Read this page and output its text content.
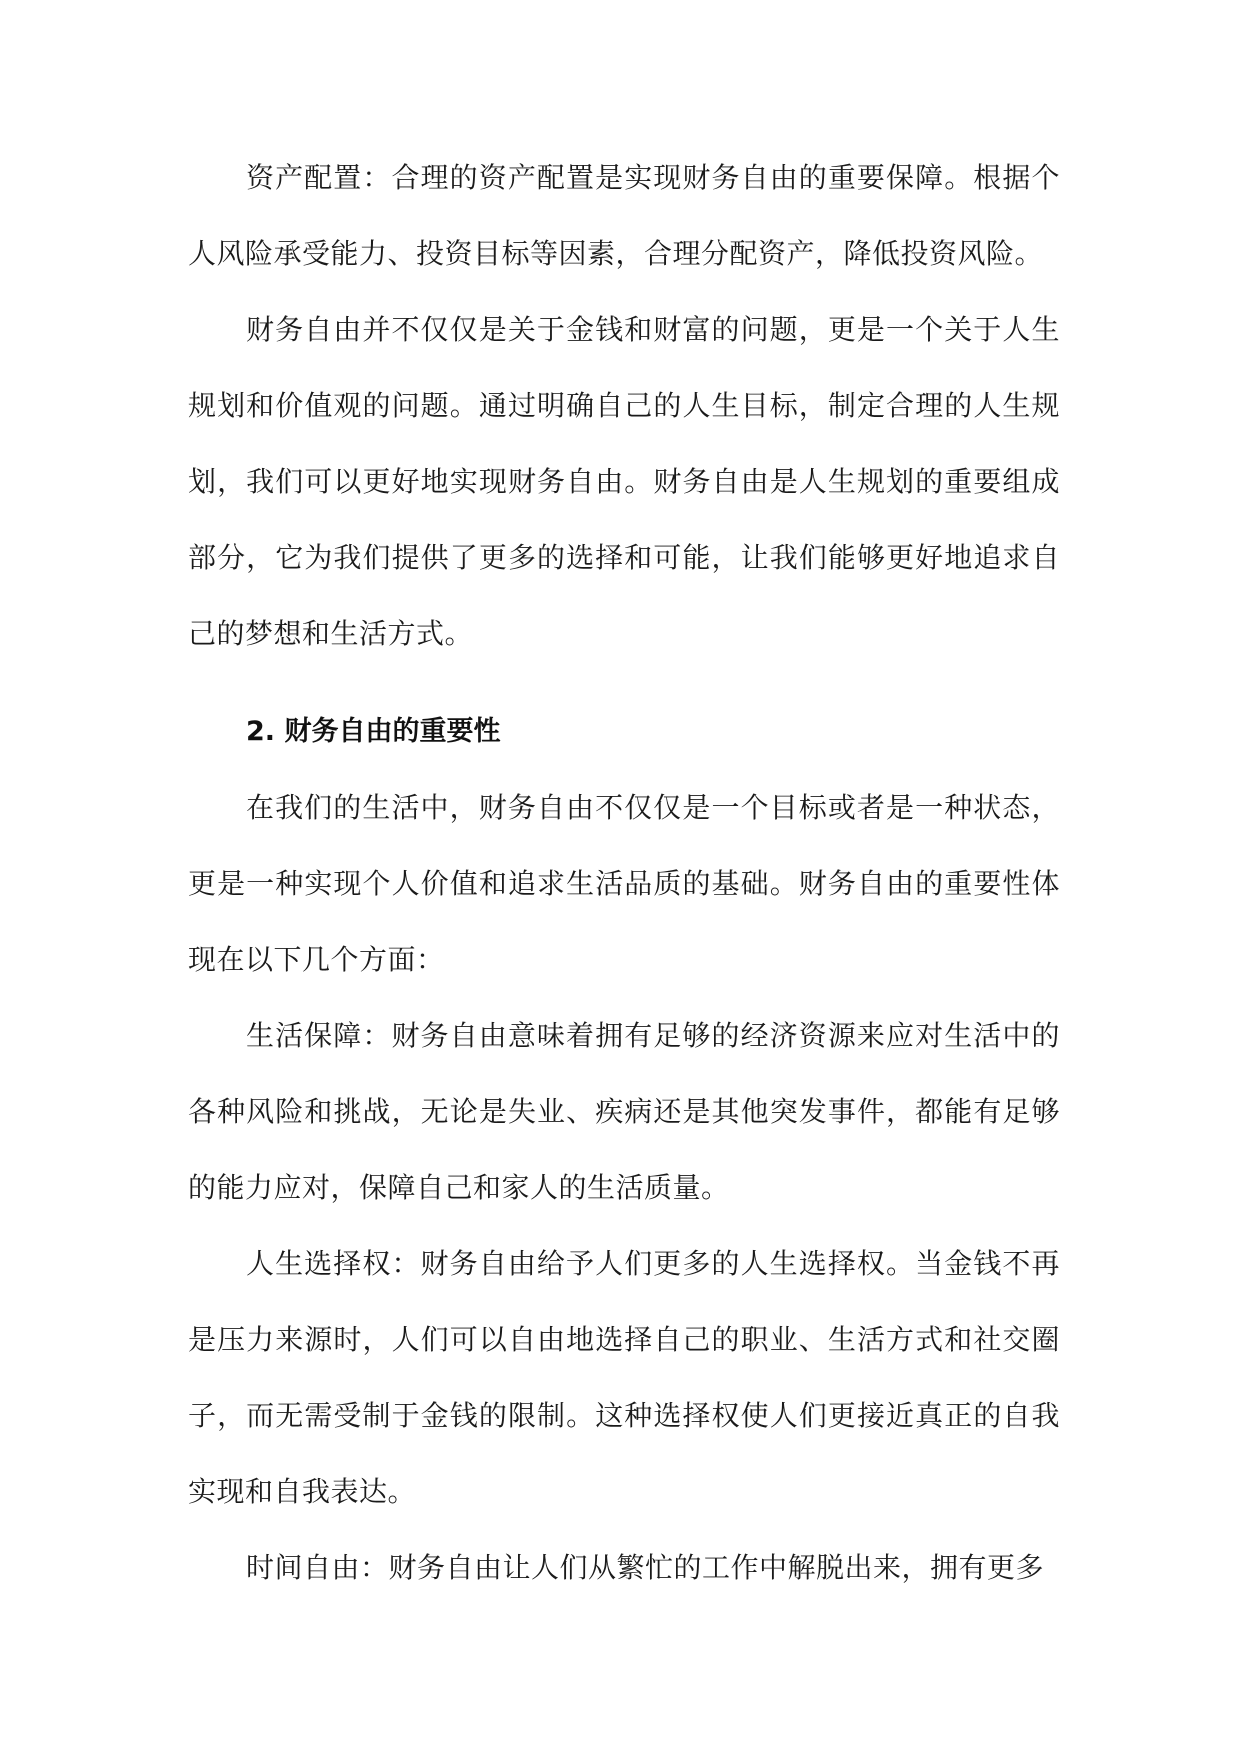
资产配置：合理的资产配置是实现财务自由的重要保障。根据个人风险承受能力、投资目标等因素，合理分配资产，降低投资风险。

财务自由并不仅仅是关于金钱和财富的问题，更是一个关于人生规划和价值观的问题。通过明确自己的人生目标，制定合理的人生规划，我们可以更好地实现财务自由。财务自由是人生规划的重要组成部分，它为我们提供了更多的选择和可能，让我们能够更好地追求自己的梦想和生活方式。

2. 财务自由的重要性

在我们的生活中，财务自由不仅仅是一个目标或者是一种状态，更是一种实现个人价值和追求生活品质的基础。财务自由的重要性体现在以下几个方面：

生活保障：财务自由意味着拥有足够的经济资源来应对生活中的各种风险和挑战，无论是失业、疾病还是其他突发事件，都能有足够的能力应对，保障自己和家人的生活质量。

人生选择权：财务自由给予人们更多的人生选择权。当金钱不再是压力来源时，人们可以自由地选择自己的职业、生活方式和社交圈子，而无需受制于金钱的限制。这种选择权使人们更接近真正的自我实现和自我表达。

时间自由：财务自由让人们从繁忙的工作中解脱出来，拥有更多
